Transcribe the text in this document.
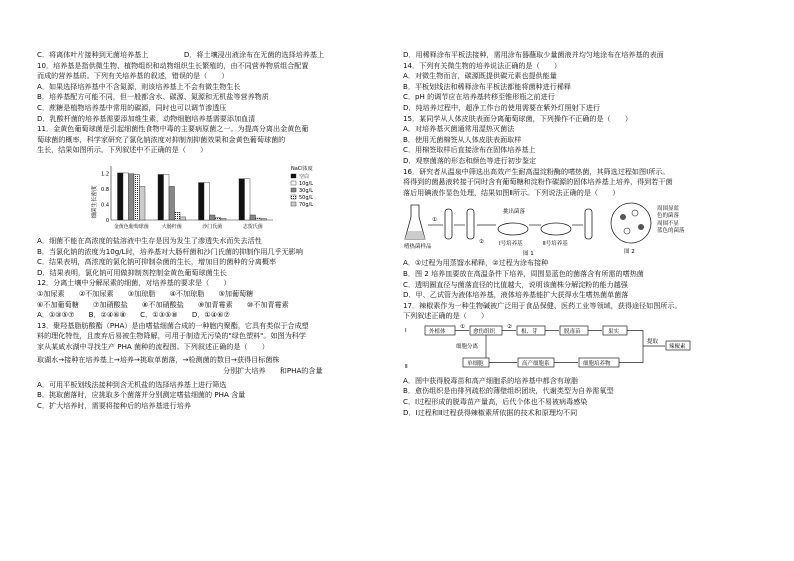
C．将离体叶片接种到无菌培养基上　　　　　D．将土壤浸出液涂布在无菌的选择培养基上
10．培养基是指供微生物、植物组织和动物组织生长繁殖的，由不同营养物质组合配置
而成的营养基质。下列有关培养基的叙述，错误的是（　　）
A．如果选择培养基中不含氮源，则该培养基上不会有微生物生长
B．培养基配方可能不同，但一般都含水、碳源、氮源和无机盐等营养物质
C．蔗糖是植物培养基中常用的碳源，同时也可以调节渗透压
D．乳酸杆菌的培养基需要添加维生素，动物细胞培养基需要添加血清
11．金黄色葡萄球菌是引起细菌性食物中毒的主要病原菌之一。为提高分离出金黄色葡
萄球菌的概率，科学家研究了氯化钠浓度对抑制剂抑菌效果和金黄色葡萄球菌的
生长，结果如图所示。下列叙述中不正确的是（　　）
细菌生长密度
0
0.4
0.8
1.2
金黄色葡萄球菌	大肠杆菌	沙门氏菌	志贺氏菌
NaCl浓度
空白
10g/L
30g/L
50g/L
70g/L
A．细菌不能在高浓度的盐溶液中生存是因为发生了渗透失水而失去活性
B．当氯化钠的浓度为10g/L时，培养基对大肠杆菌和沙门氏菌的抑制作用几乎无影响
C．结果表明，高浓度的氯化钠可抑制杂菌的生长，增加目的菌种的分离概率
D．结果表明，氯化钠可用做抑制剂控制金黄色葡萄球菌生长
12．分离土壤中分解尿素的细菌，对培养基的要求是（　　）
①加尿素　　②不加尿素　　③加琼脂　　④不加琼脂　　⑤加葡萄糖
⑥不加葡萄糖　　⑦加硝酸盐　　⑧不加硝酸盐　　⑨加青霉素　　⑩不加青霉素
A．①③⑤⑦　　B．②④⑥⑧　　C．①③⑤⑧　　D．①④⑥⑦
13．聚羟基脂肪酸酯（PHA）是由嗜盐细菌合成的一种胞内聚酯，它具有类似于合成塑
料的理化特性，且废弃后易被生物降解，可用于制造无污染的"绿色塑料"。如图为科学
家从某咸水湖中寻找生产 PHA 菌种的流程图。下列叙述正确的是（　　）
取湖水→接种在培养基上→培养→挑取单菌落，→检测菌的数目→获得目标菌株
分别扩大培养　　和PHA的含量
A．可用平板划线法接种到含无机盐的选择培养基上进行筛选
B．挑取菌落时，应挑取多个菌落并分别测定嗜盐细菌的 PHA 含量
C．扩大培养时，需要将接种后的培养基进行培养
D．用稀释涂布平板法接种，需用涂布器蘸取少量菌液并均匀地涂布在培养基的表面
14．下列有关微生物的培养说法正确的是（　　）
A．对微生物而言，碳源既提供碳元素也提供能量
B．平板划线法和稀释涂布平板法都能将菌种进行稀释
C．pH 的调节应在培养基转移至锥形瓶之前进行
D．纯培养过程中，超净工作台的使用需要在紫外灯照射下进行
15．某同学从人体皮肤表面分离葡萄球菌，下列操作不正确的是（　　）
A．对培养基灭菌通常用湿热灭菌法
B．使用无菌棉签从人体皮肤表面取样
C．用棉签取样后直接涂布在固体培养基上
D．观察菌落的形态和颜色等进行初步鉴定
16．研究者从温泉中筛选出高效产生耐高温淀粉酶的嗜热菌，其筛选过程如图Ⅰ所示。
将得到的菌悬液转接于同时含有葡萄糖和淀粉作碳源的固体培养基上培养，得到若干菌
落后用碘液作显色处理，结果如图Ⅱ所示。下列说法正确的是（　　）
嗜热菌样品
①
②	Ⅰ号培养基
挑出菌落
Ⅱ号培养基
图 1
周围显蓝
色的菌落
周围不显
蓝色的菌落
图 2
A．①过程为用蒸馏水稀释，②过程为涂布接种
B．图 2 培养皿要放在高温条件下培养，周围显蓝色的菌落含有所需的嗜热菌
C．透明圈直径与菌落直径的比值越大，说明该菌株分解淀粉的能力越强
D．甲、乙试管为液体培养基，液体培养基能扩大获得水生嗜热菌单菌落
17．辣椒素作为一种生物碱被广泛用于食品保健、医药工业等领域，获得途径如图所示。
下列叙述正确的是（　　）
Ⅰ
Ⅱ
外植体
①
愈伤组织
②
根、芽	脱毒苗	果实
细胞分离
单细胞	高产细胞系	细胞培养物
提取
辣椒素
A．图中获得脱毒苗和高产细胞系的培养基中都含有琼脂
B．愈伤组织是由排列疏松的薄壁组织团块，代谢类型为自养需氧型
C．Ⅰ过程形成的脱毒苗产量高，后代个体也不易被病毒感染
D．Ⅰ过程和Ⅱ过程获得辣椒素所依据的技术和原理均不同
